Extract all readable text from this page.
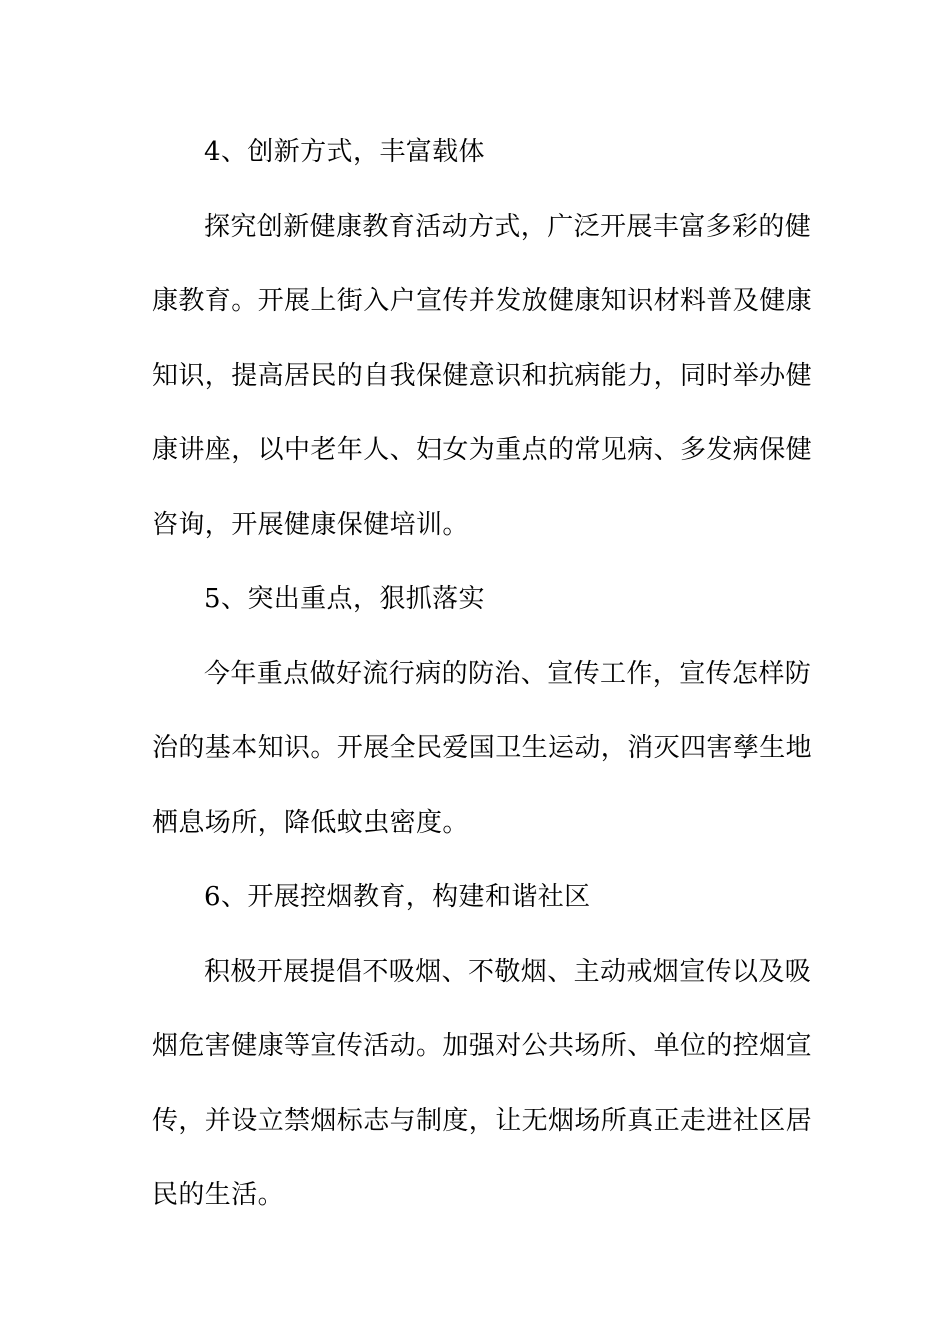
4、创新方式，丰富载体
探究创新健康教育活动方式，广泛开展丰富多彩的健
康教育。开展上街入户宣传并发放健康知识材料普及健康
知识，提高居民的自我保健意识和抗病能力，同时举办健
康讲座，以中老年人、妇女为重点的常见病、多发病保健
咨询，开展健康保健培训。
5、突出重点，狠抓落实
今年重点做好流行病的防治、宣传工作，宣传怎样防
治的基本知识。开展全民爱国卫生运动，消灭四害孳生地
栖息场所，降低蚊虫密度。
6、开展控烟教育，构建和谐社区
积极开展提倡不吸烟、不敬烟、主动戒烟宣传以及吸
烟危害健康等宣传活动。加强对公共场所、单位的控烟宣
传，并设立禁烟标志与制度，让无烟场所真正走进社区居
民的生活。
